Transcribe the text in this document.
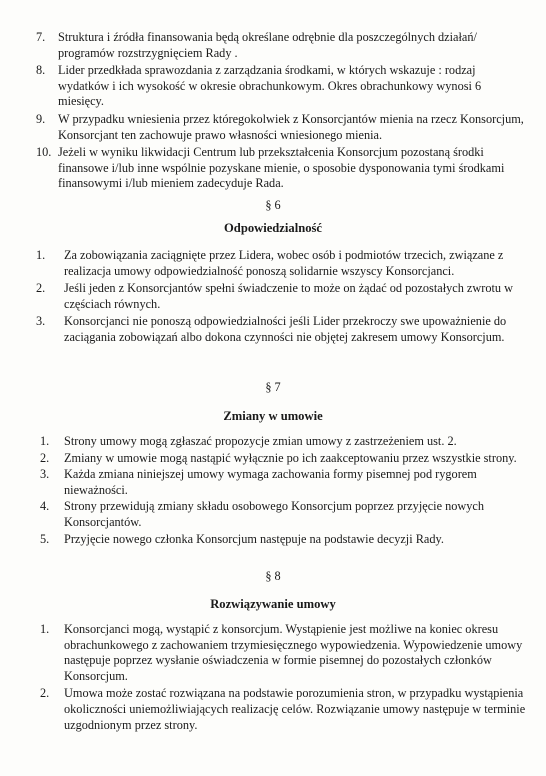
7. Struktura i źródła finansowania będą określane odrębnie dla poszczególnych działań/ programów rozstrzygnięciem Rady .
8. Lider przedkłada sprawozdania z zarządzania środkami, w których wskazuje : rodzaj wydatków i ich wysokość w okresie obrachunkowym. Okres obrachunkowy wynosi 6 miesięcy.
9. W przypadku wniesienia przez któregokolwiek z Konsorcjantów mienia na rzecz Konsorcjum, Konsorcjant ten zachowuje prawo własności wniesionego mienia.
10. Jeżeli w wyniku likwidacji Centrum lub przekształcenia Konsorcjum pozostaną środki finansowe i/lub inne wspólnie pozyskane mienie, o sposobie dysponowania tymi środkami finansowymi i/lub mieniem zadecyduje Rada.
§ 6
Odpowiedzialność
1. Za zobowiązania zaciągnięte przez Lidera, wobec osób i podmiotów trzecich, związane z realizacja umowy odpowiedzialność ponoszą solidarnie wszyscy Konsorcjanci.
2. Jeśli jeden z Konsorcjantów spełni świadczenie to może on żądać od pozostałych zwrotu w częściach równych.
3. Konsorcjanci nie ponoszą odpowiedzialności jeśli Lider przekroczy swe upoważnienie do zaciągania zobowiązań albo dokona czynności nie objętej zakresem umowy Konsorcjum.
§ 7
Zmiany w umowie
1. Strony umowy mogą zgłaszać propozycje zmian umowy z zastrzeżeniem ust. 2.
2. Zmiany w umowie mogą nastąpić wyłącznie po ich zaakceptowaniu przez wszystkie strony.
3. Każda zmiana niniejszej umowy wymaga zachowania formy pisemnej pod rygorem nieważności.
4. Strony przewidują zmiany składu osobowego Konsorcjum poprzez przyjęcie nowych Konsorcjantów.
5. Przyjęcie nowego członka Konsorcjum następuje na podstawie decyzji Rady.
§ 8
Rozwiązywanie umowy
1. Konsorcjanci mogą, wystąpić z konsorcjum. Wystąpienie jest możliwe na koniec okresu obrachunkowego z zachowaniem trzymiesięcznego wypowiedzenia. Wypowiedzenie umowy następuje poprzez wysłanie oświadczenia w formie pisemnej do pozostałych członków Konsorcjum.
2. Umowa może zostać rozwiązana na podstawie porozumienia stron, w przypadku wystąpienia okoliczności uniemożliwiających realizację celów. Rozwiązanie umowy następuje w terminie uzgodnionym przez strony.
